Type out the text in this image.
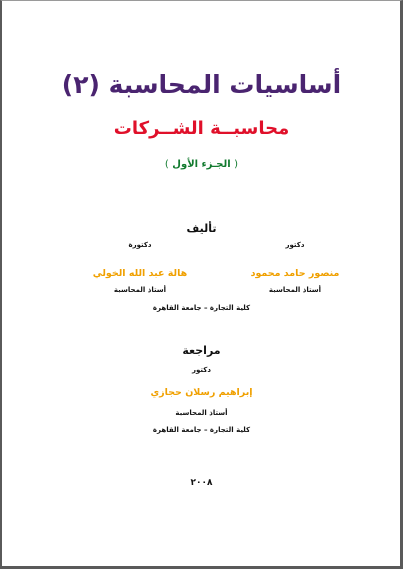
أساسيات المحاسبة (٢)
محاسبــة الشــركات
( الجـزء الأول )
تأليف
دكتور
منصور حامد محمود
أستاذ المحاسبة
دكتورة
هالة عبد الله الخولي
أستاذ المحاسبة
كلية التجارة – جامعة القاهرة
مراجعة
دكتور
إبراهيم رسلان حجازي
أستاذ المحاسبة
كلية التجارة – جامعة القاهرة
٢٠٠٨
